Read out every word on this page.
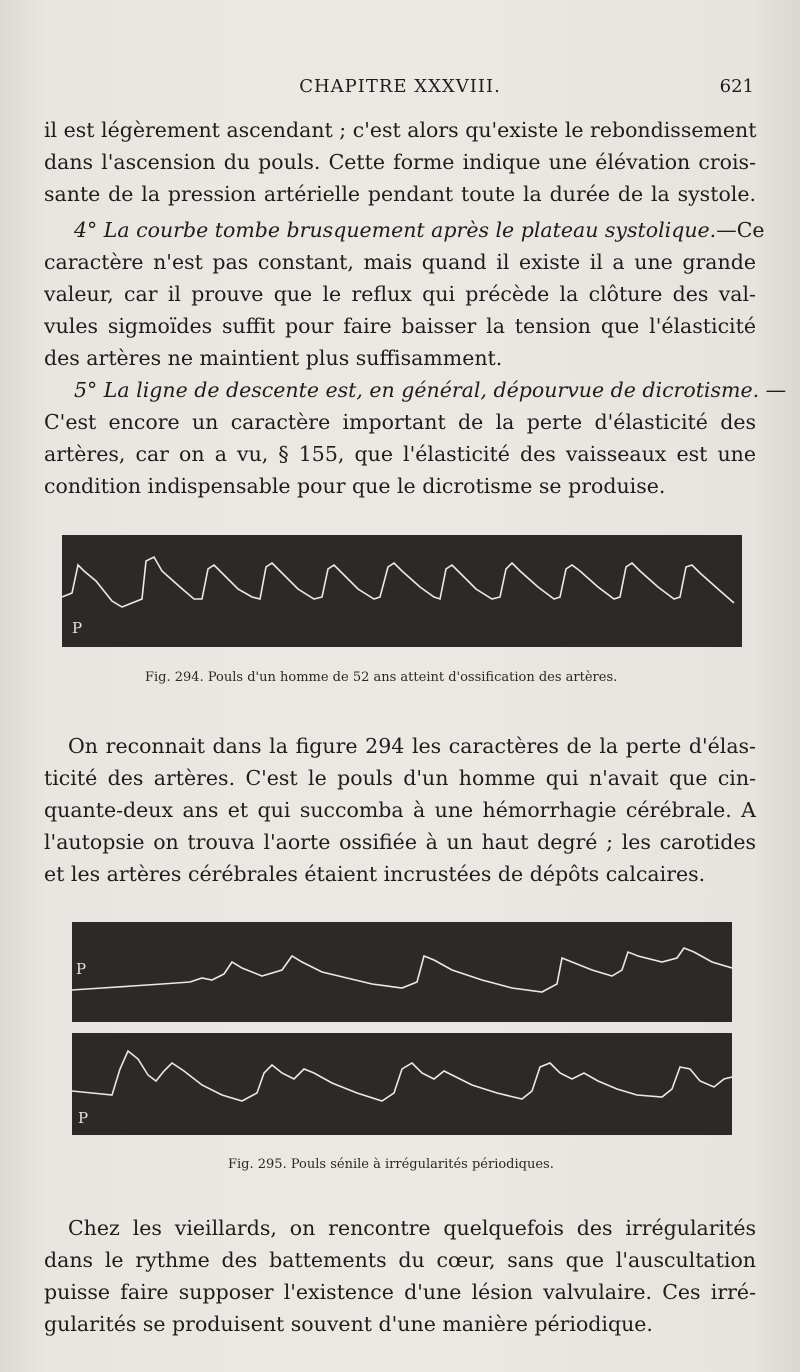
CHAPITRE XXXVIII.	621
il est légèrement ascendant ; c'est alors qu'existe le rebondissement
dans l'ascension du pouls. Cette forme indique une élévation crois-
sante de la pression artérielle pendant toute la durée de la systole.
4° La courbe tombe brusquement après le plateau systolique.—Ce
caractère n'est pas constant, mais quand il existe il a une grande
valeur, car il prouve que le reflux qui précède la clôture des val-
vules sigmoïdes suffit pour faire baisser la tension que l'élasticité
des artères ne maintient plus suffisamment.
5° La ligne de descente est, en général, dépourvue de dicrotisme. —
C'est encore un caractère important de la perte d'élasticité des
artères, car on a vu, § 155, que l'élasticité des vaisseaux est une
condition indispensable pour que le dicrotisme se produise.
P
Fig. 294. Pouls d'un homme de 52 ans atteint d'ossification des artères.
On reconnait dans la figure 294 les caractères de la perte d'élas-
ticité des artères. C'est le pouls d'un homme qui n'avait que cin-
quante-deux ans et qui succomba à une hémorrhagie cérébrale. A
l'autopsie on trouva l'aorte ossifiée à un haut degré ; les carotides
et les artères cérébrales étaient incrustées de dépôts calcaires.
P
P
Fig. 295. Pouls sénile à irrégularités périodiques.
Chez les vieillards, on rencontre quelquefois des irrégularités
dans le rythme des battements du cœur, sans que l'auscultation
puisse faire supposer l'existence d'une lésion valvulaire. Ces irré-
gularités se produisent souvent d'une manière périodique.
